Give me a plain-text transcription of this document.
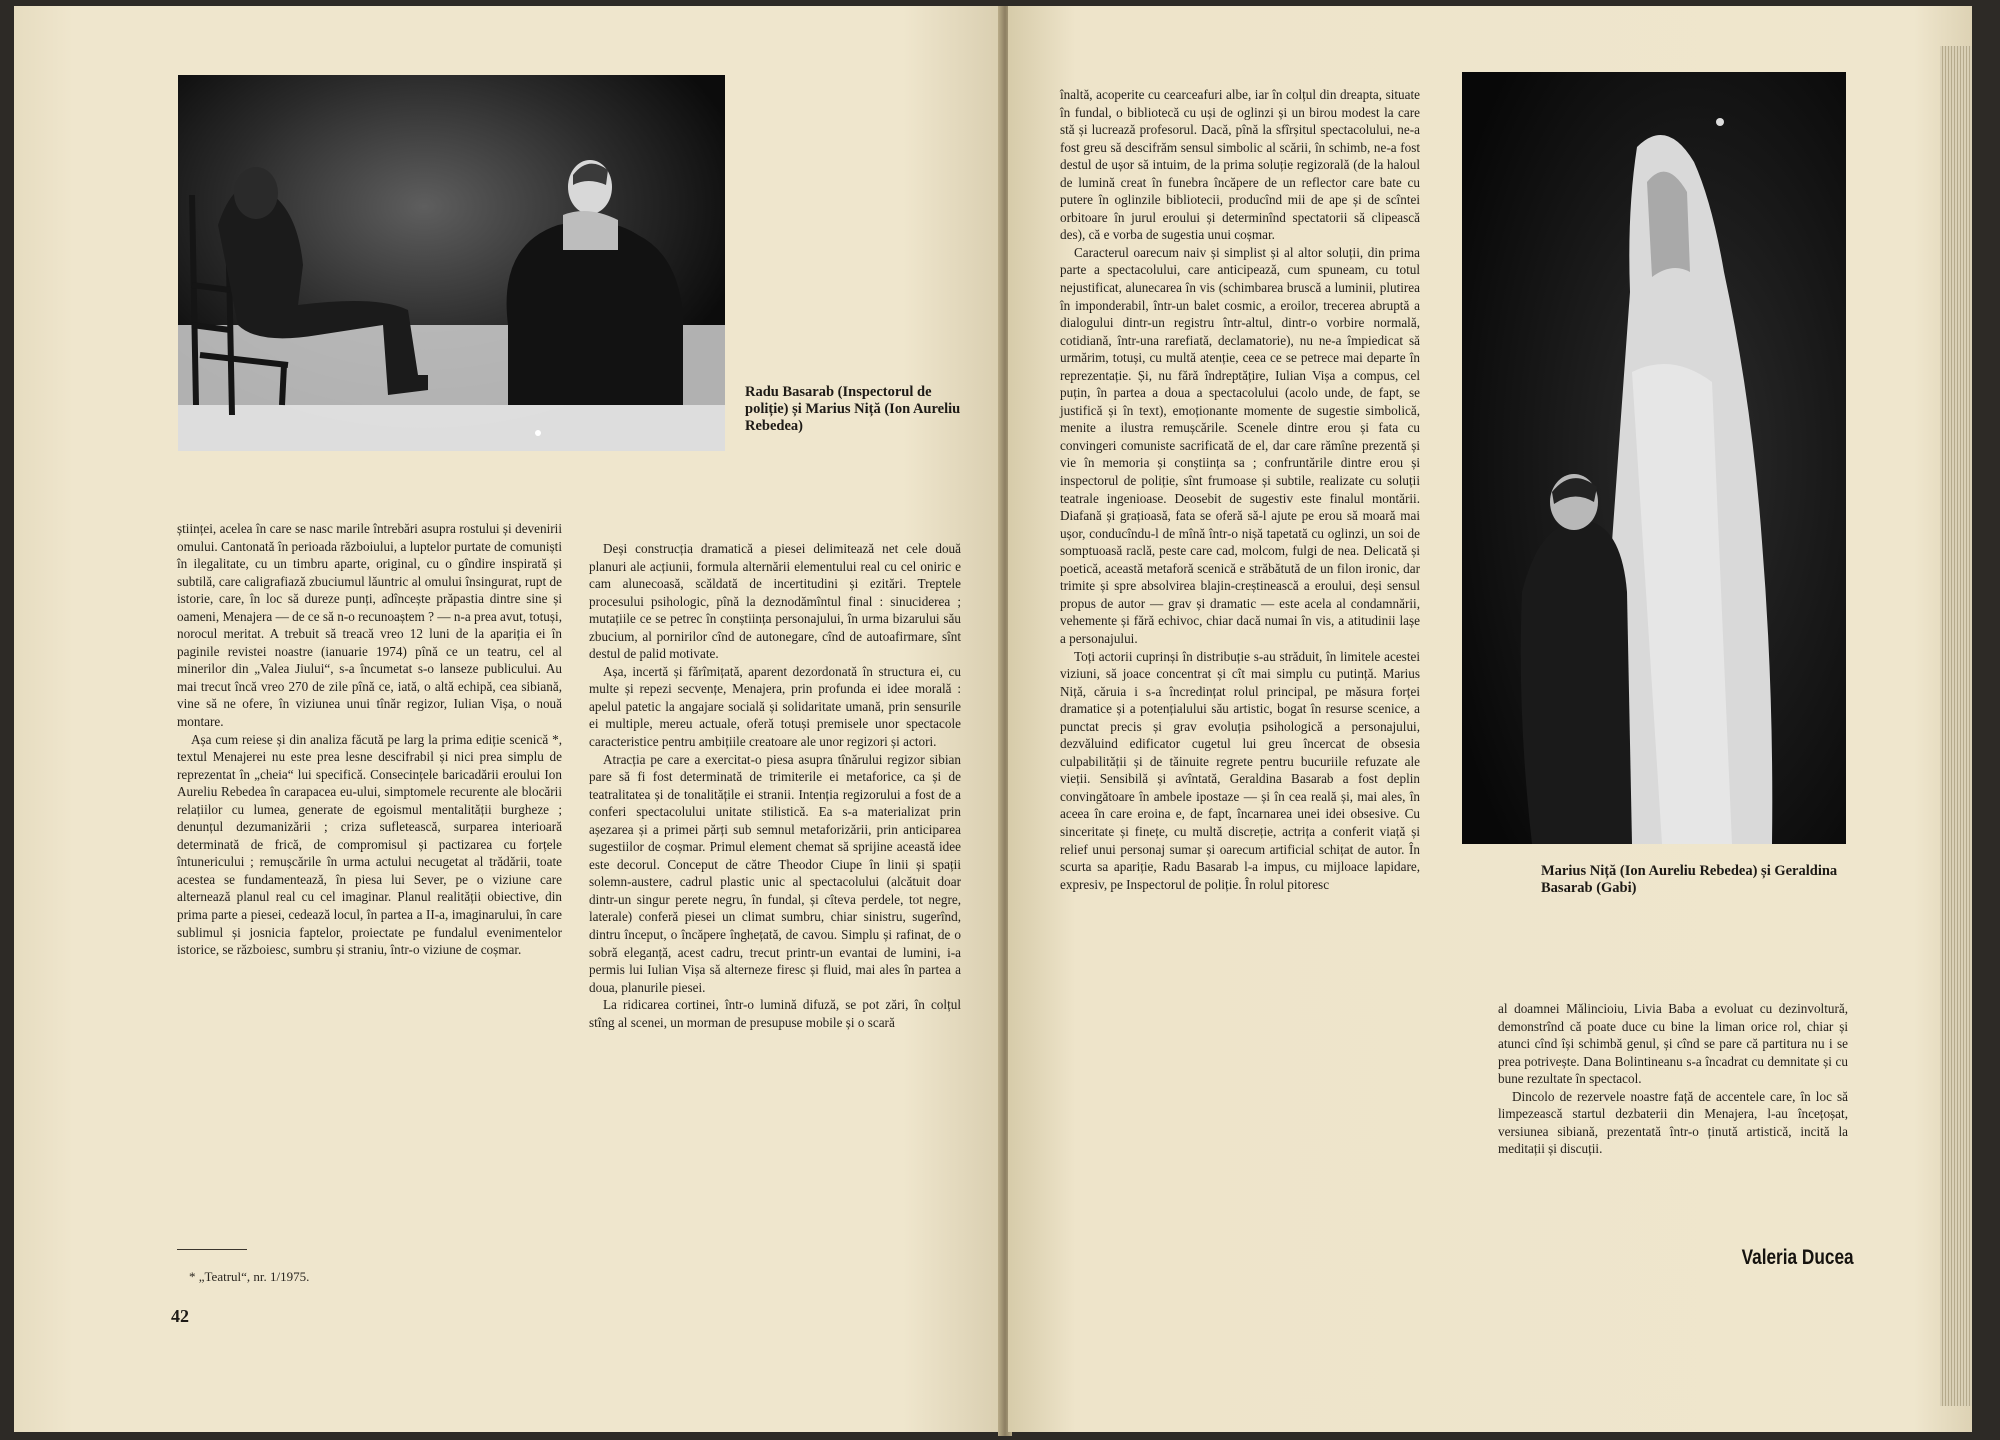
Radu Basarab (Inspectorul de poliție) și Marius Niță (Ion Aureliu Rebedea)

științei, acelea în care se nasc marile întrebări asupra rostului și devenirii omului. Cantonată în perioada războiului, a luptelor purtate de comuniști în ilegalitate, cu un timbru aparte, original, cu o gîndire inspirată și subtilă, care caligrafiază zbuciumul lăuntric al omului însingurat, rupt de istorie, care, în loc să durezе punți, adîncește prăpastia dintre sine și oameni, Menajera — de ce să n-o recunoaștem ? — n-a prea avut, totuși, norocul meritat. A trebuit să treacă vreo 12 luni de la apariția ei în paginile revistei noastre (ianuarie 1974) pînă ce un teatru, cel al minerilor din „Valea Jiului“, s-a încumetat s-o lanseze publicului. Au mai trecut încă vreo 270 de zile pînă ce, iată, o altă echipă, cea sibiană, vine să ne ofere, în viziunea unui tînăr regizor, Iulian Vișa, o nouă montare.

Așa cum reiese și din analiza făcută pe larg la prima ediție scenică *, textul Menajerei nu este prea lesne descifrabil și nici prea simplu de reprezentat în „cheia“ lui specifică. Consecințele baricadării eroului Ion Aureliu Rebedea în carapacea eu-ului, simptomele recurente ale blocării relațiilor cu lumea, generate de egoismul mentalității burgheze ; denunțul dezumanizării ; criza sufletească, surparea interioară determinată de frică, de compromisul și pactizarea cu forțele întunericului ; remușcările în urma actului necugetat al trădării, toate acestea se fundamentează, în piesa lui Sever, pe o viziune care alternează planul real cu cel imaginar. Planul realității obiective, din prima parte a piesei, cedează locul, în partea a II-a, imaginarului, în care sublimul și josnicia faptelor, proiectate pe fundalul evenimentelor istorice, se războiesc, sumbru și straniu, într-o viziune de coșmar.

* „Teatrul“, nr. 1/1975.

Deși construcția dramatică a piesei delimitează net cele două planuri ale acțiunii, formula alternării elementului real cu cel oniric e cam alunecoasă, scăldată de incertitudini și ezitări. Treptele procesului psihologic, pînă la deznodămîntul final : sinuciderea ; mutațiile ce se petrec în conștiința personajului, în urma bizarului său zbucium, al pornirilor cînd de autonegare, cînd de autoafirmare, sînt destul de palid motivate.

Așa, incertă și fărîmițată, aparent dezordonată în structura ei, cu multe și repezi secvențe, Menajera, prin profunda ei idee morală : apelul patetic la angajare socială și solidaritate umană, prin sensurile ei multiple, mereu actuale, oferă totuși premisele unor spectacole caracteristice pentru ambițiile creatoare ale unor regizori și actori.

Atracția pe care a exercitat-o piesa asupra tînărului regizor sibian pare să fi fost determinată de trimiterile ei metaforice, ca și de teatralitatea și de tonalitățile ei stranii. Intenția regizorului a fost de a conferi spectacolului unitate stilistică. Ea s-a materializat prin așezarea și a primei părți sub semnul metaforizării, prin anticiparea sugestiilor de coșmar. Primul element chemat să sprijine această idee este decorul. Conceput de către Theodor Ciupe în linii și spații solemn-austere, cadrul plastic unic al spectacolului (alcătuit doar dintr-un singur perete negru, în fundal, și cîteva perdele, tot negre, laterale) conferă piesei un climat sumbru, chiar sinistru, sugerînd, dintru început, o încăpere înghețată, de cavou. Simplu și rafinat, de o sobră eleganță, acest cadru, trecut printr-un evantai de lumini, i-a permis lui Iulian Vișa să alterneze firesc și fluid, mai ales în partea a doua, planurile piesei.

La ridicarea cortinei, într-o lumină difuză, se pot zări, în colțul stîng al scenei, un morman de presupuse mobile și o scară

42

înaltă, acoperite cu cearceafuri albe, iar în colțul din dreapta, situate în fundal, o bibliotecă cu uși de oglinzi și un birou modest la care stă și lucrează profesorul. Dacă, pînă la sfîrșitul spectacolului, ne-a fost greu să descifrăm sensul simbolic al scării, în schimb, ne-a fost destul de ușor să intuim, de la prima soluție regizorală (de la haloul de lumină creat în funebra încăpere de un reflector care bate cu putere în oglinzile bibliotecii, producînd mii de ape și de scîntei orbitoare în jurul eroului și determinînd spectatorii să clipească des), că e vorba de sugestia unui coșmar.

Caracterul oarecum naiv și simplist și al altor soluții, din prima parte a spectacolului, care anticipează, cum spuneam, cu totul nejustificat, alunecarea în vis (schimbarea bruscă a luminii, plutirea în imponderabil, într-un balet cosmic, a eroilor, trecerea abruptă a dialogului dintr-un registru într-altul, dintr-o vorbire normală, cotidiană, într-una rarefiată, declamatorie), nu ne-a împiedicat să urmărim, totuși, cu multă atenție, ceea ce se petrece mai departe în reprezentație. Și, nu fără îndreptățire, Iulian Vișa a compus, cel puțin, în partea a doua a spectacolului (acolo unde, de fapt, se justifică și în text), emoționante momente de sugestie simbolică, menite a ilustra remușcările. Scenele dintre erou și fata cu convingeri comuniste sacrificată de el, dar care rămîne prezentă și vie în memoria și conștiința sa ; confruntările dintre erou și inspectorul de poliție, sînt frumoase și subtile, realizate cu soluții teatrale ingenioase. Deosebit de sugestiv este finalul montării. Diafană și grațioasă, fata se oferă să-l ajute pe erou să moară mai ușor, conducîndu-l de mînă într-o nișă tapetată cu oglinzi, un soi de somptuoasă raclă, peste care cad, molcom, fulgi de nea. Delicată și poetică, această metaforă scenică e străbătută de un filon ironic, dar trimite și spre absolvirea blajin-creștinească a eroului, deși sensul propus de autor — grav și dramatic — este acela al condamnării, vehemente și fără echivoc, chiar dacă numai în vis, a atitudinii lașe a personajului.

Toți actorii cuprinși în distribuție s-au străduit, în limitele acestei viziuni, să joace concentrat și cît mai simplu cu putință. Marius Niță, căruia i s-a încredințat rolul principal, pe măsura forței dramatice și a potențialului său artistic, bogat în resurse scenice, a punctat precis și grav evoluția psihologică a personajului, dezvăluind edificator cugetul lui greu încercat de obsesia culpabilității și de tăinuite regrete pentru bucuriile refuzate ale vieții. Sensibilă și avîntată, Geraldina Basarab a fost deplin convingătoare în ambele ipostaze — și în cea reală și, mai ales, în aceea în care eroina e, de fapt, încarnarea unei idei obsesive. Cu sinceritate și finețe, cu multă discreție, actrița a conferit viață și relief unui personaj sumar și oarecum artificial schițat de autor. În scurta sa apariție, Radu Basarab l-a impus, cu mijloace lapidare, expresiv, pe Inspectorul de poliție. În rolul pitoresc

Marius Niță (Ion Aureliu Rebedea) și Geraldina Basarab (Gabi)

al doamnei Mălincioiu, Livia Baba a evoluat cu dezinvoltură, demonstrînd că poate duce cu bine la liman orice rol, chiar și atunci cînd își schimbă genul, și cînd se pare că partitura nu i se prea potrivește. Dana Bolintineanu s-a încadrat cu demnitate și cu bune rezultate în spectacol.

Dincolo de rezervele noastre față de accentele care, în loc să limpezească startul dezbaterii din Menajera, l-au încețoșat, versiunea sibiană, prezentată într-o ținută artistică, incită la meditații și discuții.

Valeria Ducea
